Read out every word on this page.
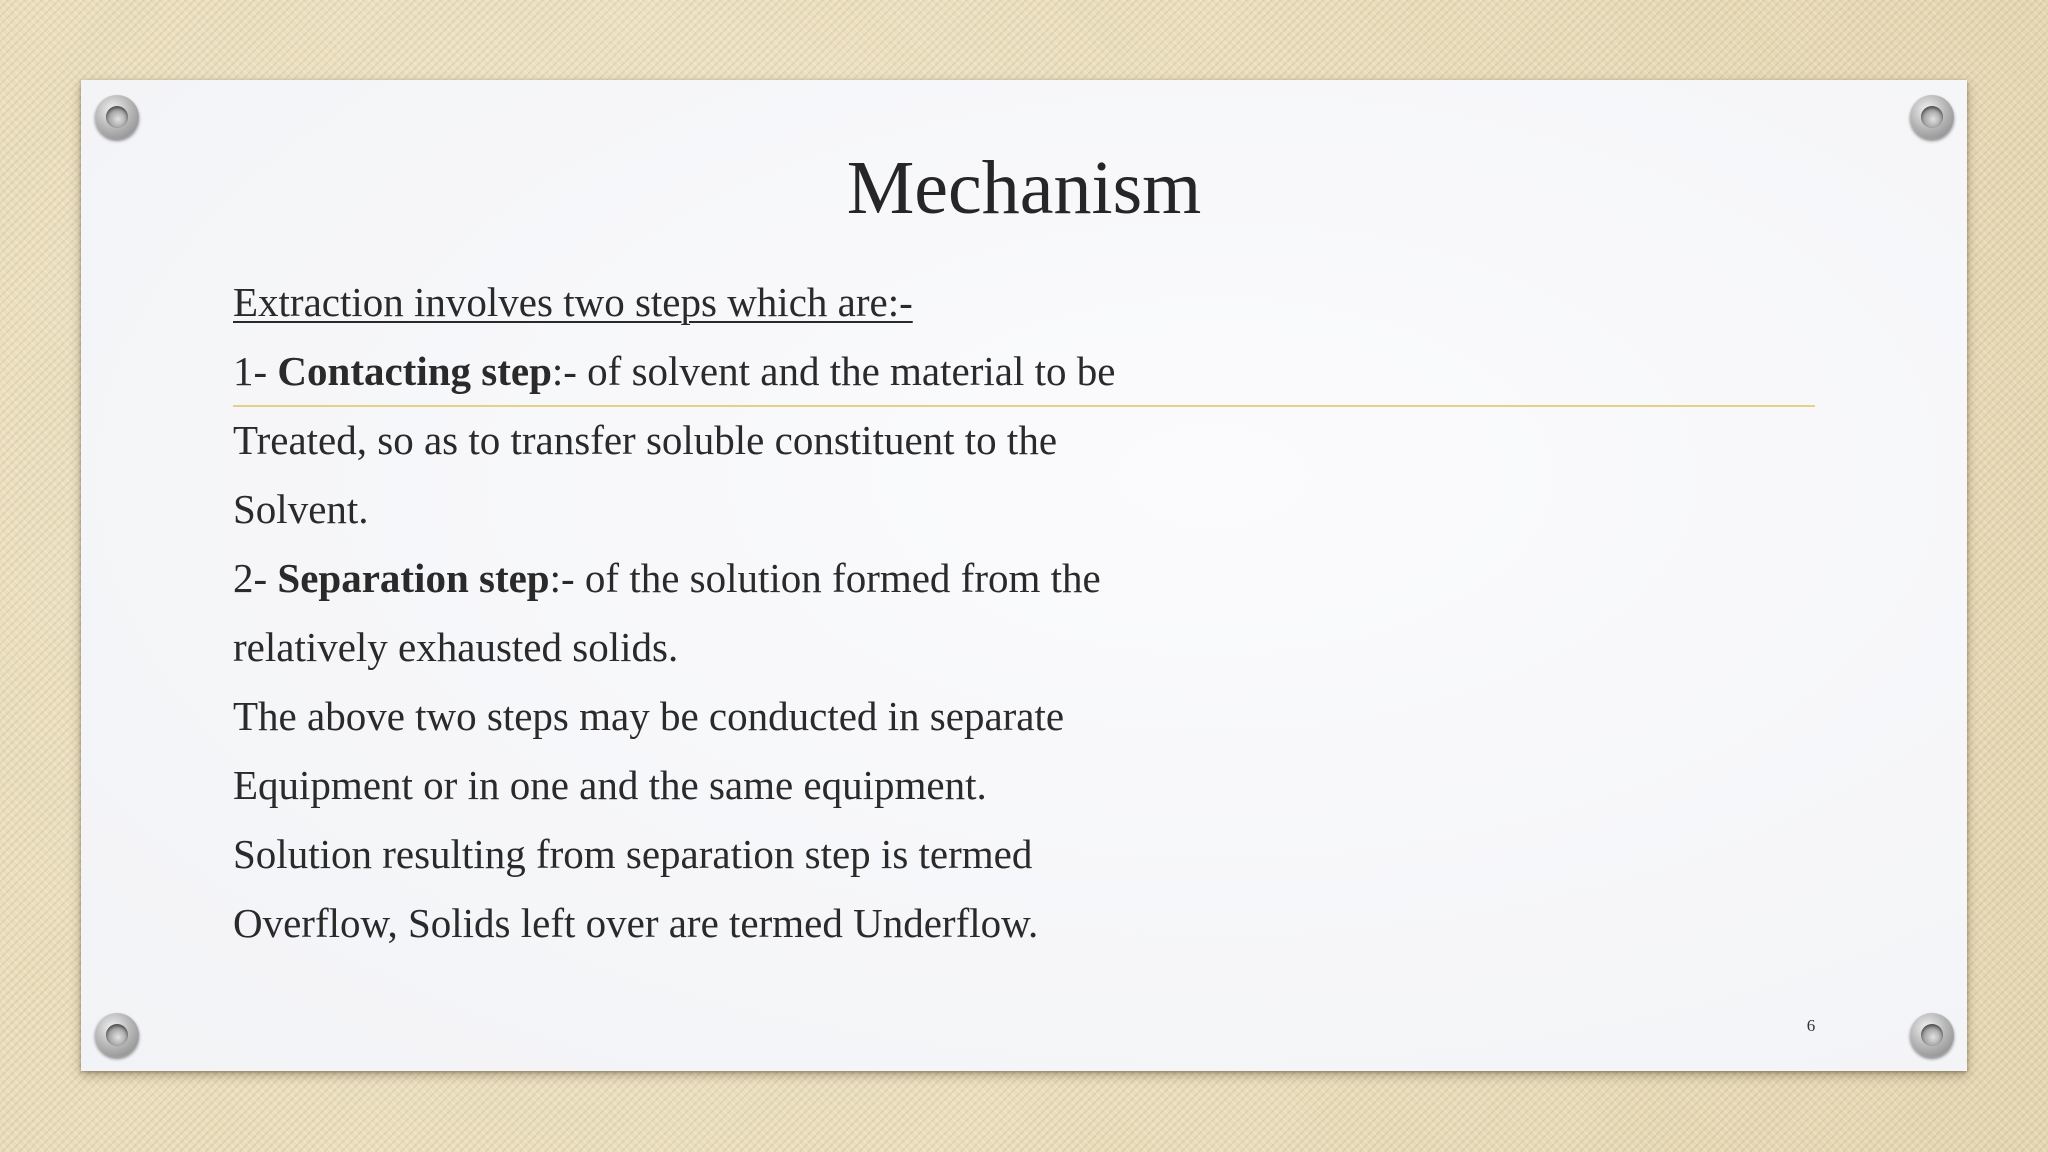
Mechanism

Extraction involves two steps which are:-

1- Contacting step:- of solvent and the material to be

Treated, so as to transfer soluble constituent to the

Solvent.

2- Separation step:- of the solution formed from the

relatively exhausted solids.

The above two steps may be conducted in separate

Equipment or in one and the same equipment.

Solution resulting from separation step is termed

Overflow, Solids left over are termed Underflow.

6
